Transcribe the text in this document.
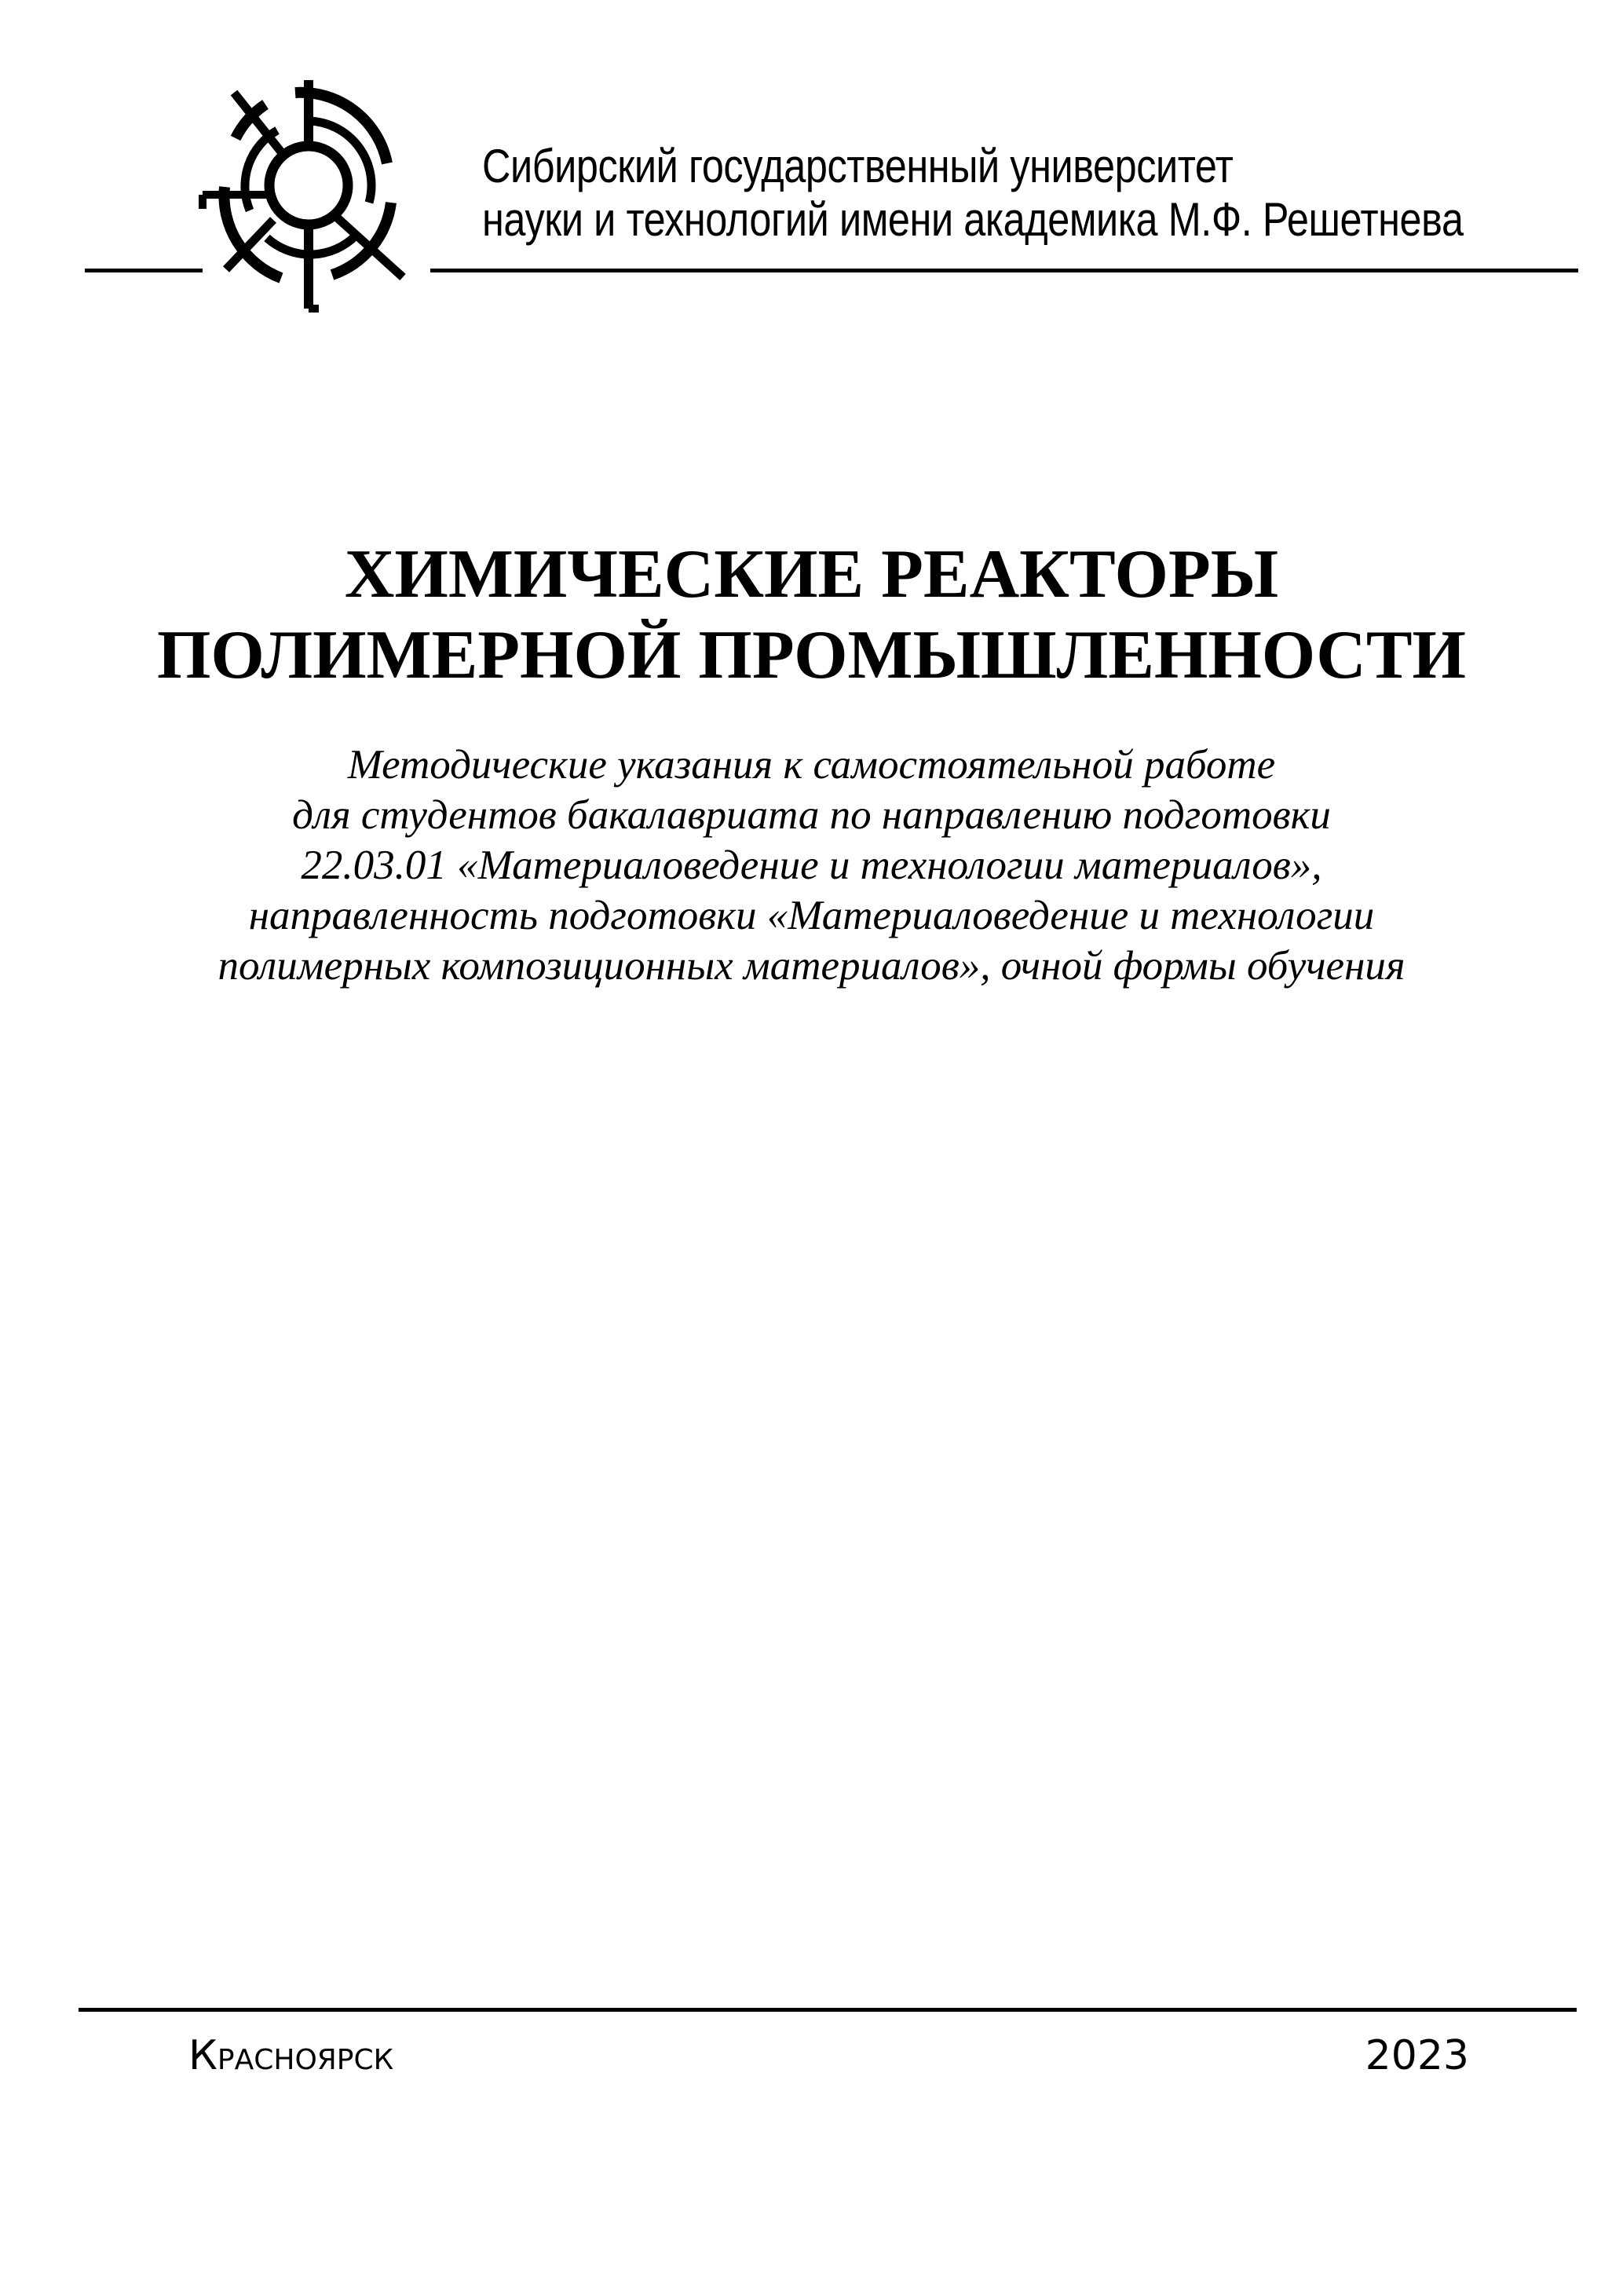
Сибирский государственный университет
науки и технологий имени академика М.Ф. Решетнева
ХИМИЧЕСКИЕ РЕАКТОРЫ
ПОЛИМЕРНОЙ ПРОМЫШЛЕННОСТИ
Методические указания к самостоятельной работе
для студентов бакалавриата по направлению подготовки
22.03.01 «Материаловедение и технологии материалов»,
направленность подготовки «Материаловедение и технологии
полимерных композиционных материалов», очной формы обучения
Красноярск	2023
